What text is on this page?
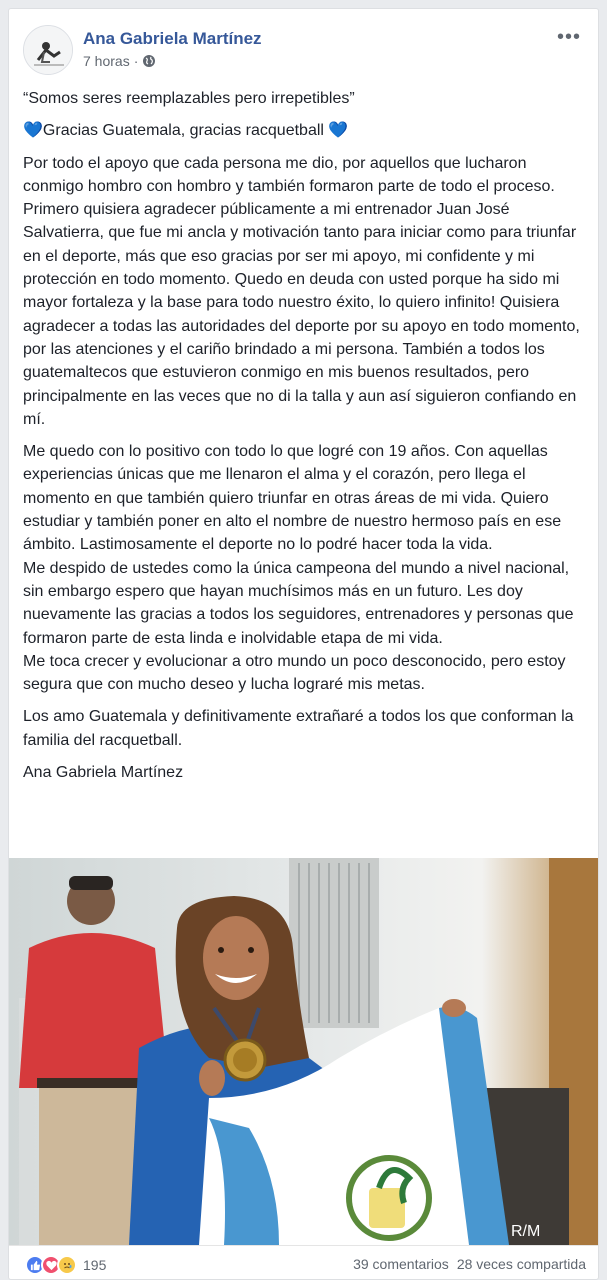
Ana Gabriela Martínez
7 horas ·
•••

“Somos seres reemplazables pero irrepetibles”

💙Gracias Guatemala, gracias racquetball 💙

Por todo el apoyo que cada persona me dio, por aquellos que lucharon conmigo hombro con hombro y también formaron parte de todo el proceso. Primero quisiera agradecer públicamente a mi entrenador Juan José Salvatierra, que fue mi ancla y motivación tanto para iniciar como para triunfar en el deporte, más que eso gracias por ser mi apoyo, mi confidente y mi protección en todo momento. Quedo en deuda con usted porque ha sido mi mayor fortaleza y la base para todo nuestro éxito, lo quiero infinito! Quisiera agradecer a todas las autoridades del deporte por su apoyo en todo momento, por las atenciones y el cariño brindado a mi persona. También a todos los guatemaltecos que estuvieron conmigo en mis buenos resultados, pero principalmente en las veces que no di la talla y aun así siguieron confiando en mí.

Me quedo con lo positivo con todo lo que logré con 19 años. Con aquellas experiencias únicas que me llenaron el alma y el corazón, pero llega el momento en que también quiero triunfar en otras áreas de mi vida. Quiero estudiar y también poner en alto el nombre de nuestro hermoso país en ese ámbito. Lastimosamente el deporte no lo podré hacer toda la vida.

Me despido de ustedes como la única campeona del mundo a nivel nacional, sin embargo espero que hayan muchísimos más en un futuro. Les doy nuevamente las gracias a todos los seguidores, entrenadores y personas que formaron parte de esta linda e inolvidable etapa de mi vida.

Me toca crecer y evolucionar a otro mundo un poco desconocido, pero estoy segura que con mucho deseo y lucha lograré mis metas.

Los amo Guatemala y definitivamente extrañaré a todos los que conforman la familia del racquetball.

Ana Gabriela Martínez

R/M
195	39 comentarios 28 veces compartida
